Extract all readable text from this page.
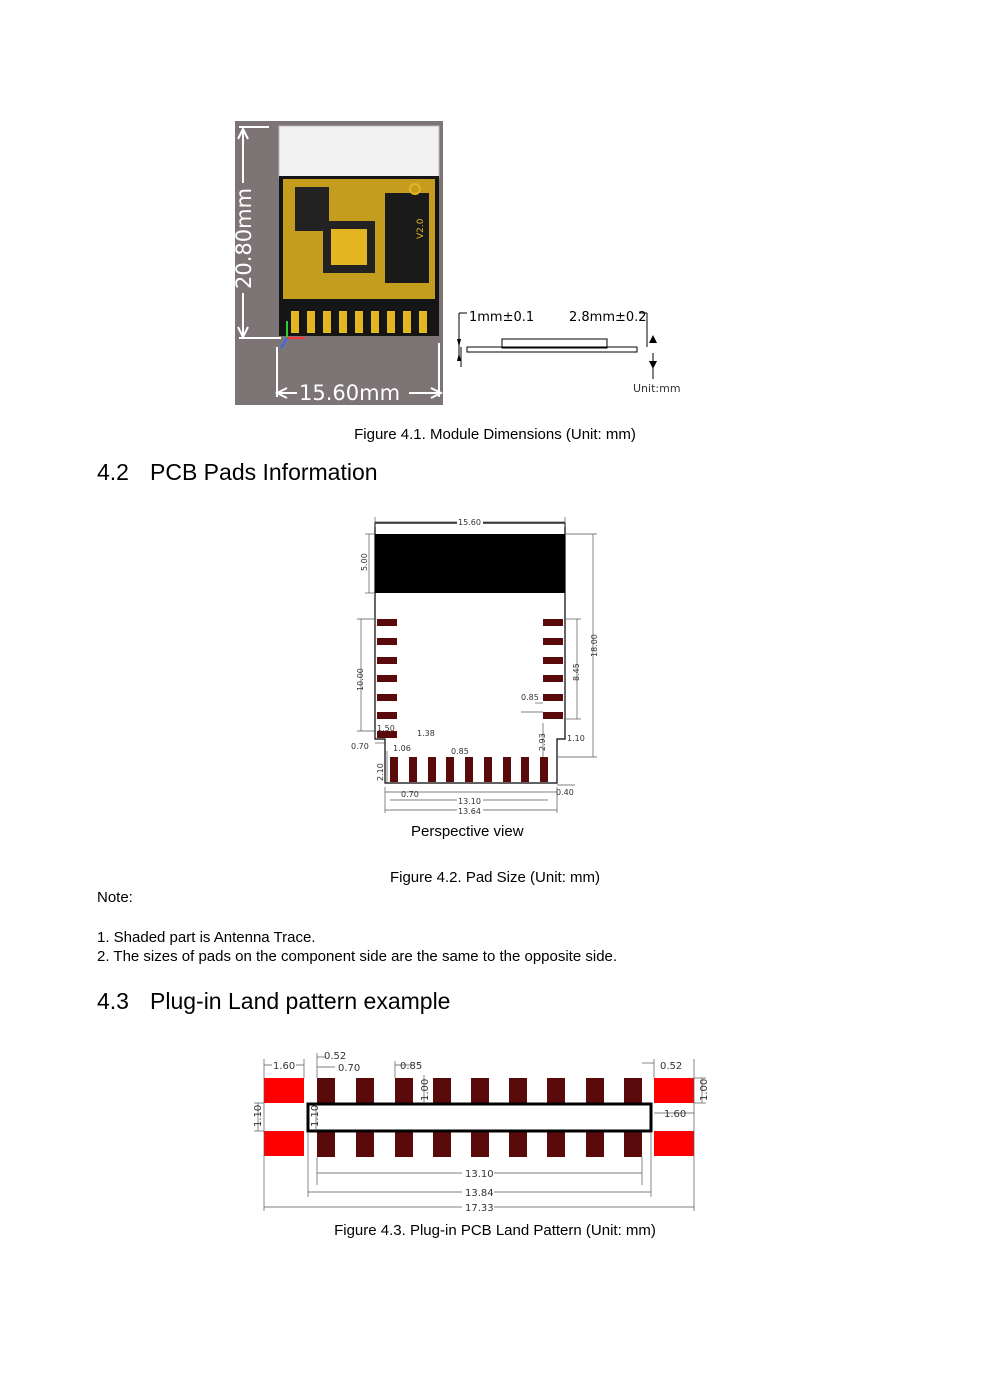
V2.0
20.80mm
15.60mm
1mm±0.1	2.8mm±0.2
Unit:mm
Figure 4.1. Module Dimensions (Unit: mm)
4.2 PCB Pads Information
15.60
5.00
18.00
10.00	8.45
0.85
1.50
1.38
1.06
0.70
0.85
2.93	1.10
2.10
0.70	0.40
13.10
13.64
Perspective view
Figure 4.2. Pad Size (Unit: mm)
Note:
1. Shaded part is Antenna Trace.
2. The sizes of pads on the component side are the same to the opposite side.
4.3 Plug-in Land pattern example
1.60
0.52
0.70	0.85
1.00
0.52
1.00
1.10	1.10	1.60
13.10
13.84
17.33
Figure 4.3. Plug-in PCB Land Pattern (Unit: mm)
